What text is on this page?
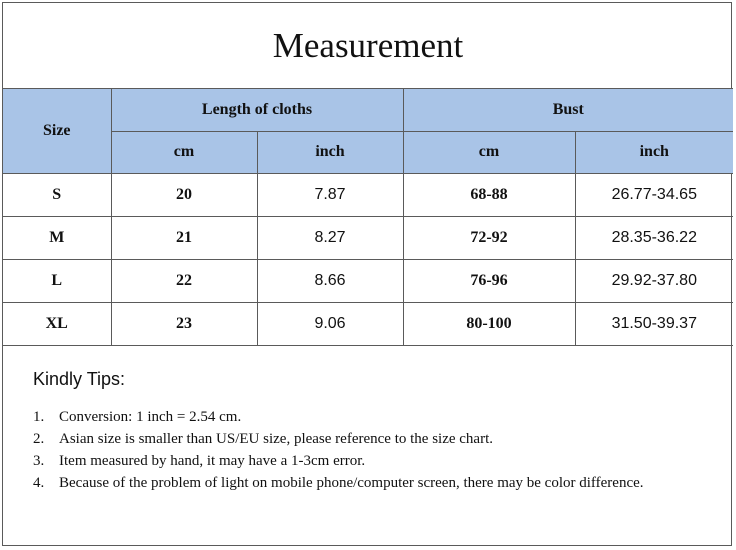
Measurement
Size	Length of cloths		Bust	
	cm	inch	cm	inch
S	20	7.87	68-88	26.77-34.65
M	21	8.27	72-92	28.35-36.22
L	22	8.66	76-96	29.92-37.80
XL	23	9.06	80-100	31.50-39.37
Kindly Tips:
1. Conversion: 1 inch = 2.54 cm.
2. Asian size is smaller than US/EU size, please reference to the size chart.
3. Item measured by hand, it may have a 1-3cm error.
4. Because of the problem of light on mobile phone/computer screen, there may be color difference.
